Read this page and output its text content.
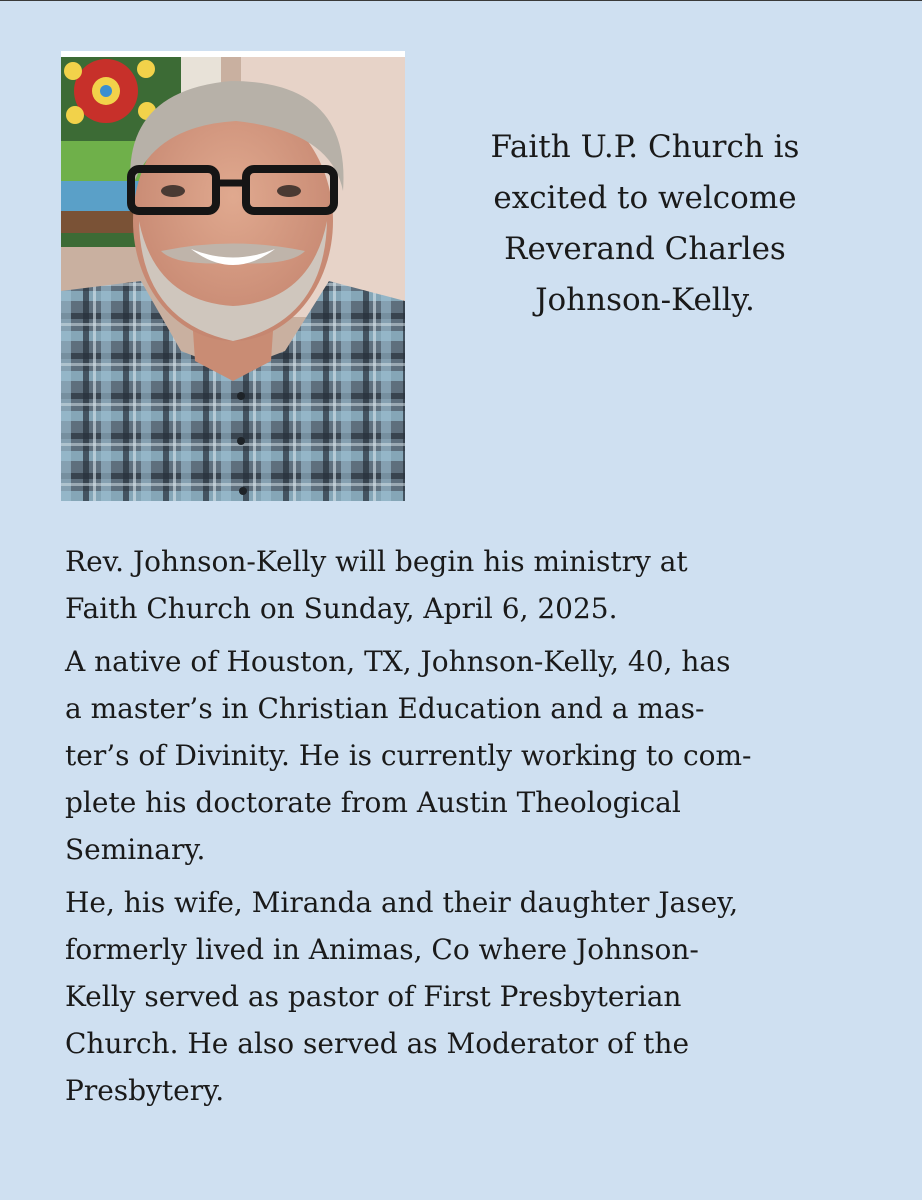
Faith U.P. Church is

excited to welcome

Reverand Charles

Johnson-Kelly.

Rev. Johnson-Kelly will begin his ministry at
Faith Church on Sunday, April 6, 2025.

A native of Houston, TX, Johnson-Kelly, 40, has
a master’s in Christian Education and a mas-
ter’s of Divinity. He is currently working to com-
plete his doctorate from Austin Theological
Seminary.

He, his wife, Miranda and their daughter Jasey,
formerly lived in Animas, Co where Johnson-
Kelly served as pastor of First Presbyterian
Church. He also served as Moderator of the
Presbytery.
